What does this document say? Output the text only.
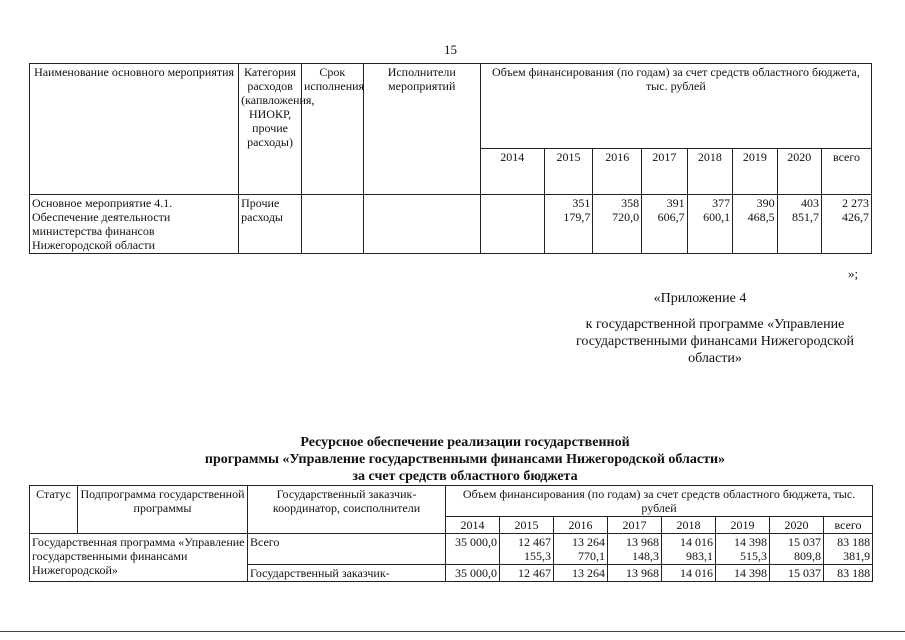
15
Наименование основного мероприятия	Категория расходов (капвложения, НИОКР, прочие расходы)	Срок исполнения	Исполнители мероприятий	Объем финансирования (по годам) за счет средств областного бюджета, тыс. рублей							
				2014	2015	2016	2017	2018	2019	2020	всего
Основное мероприятие 4.1. Обеспечение деятельности министерства финансов Нижегородской области	Прочие расходы				351 179,7	358 720,0	391 606,7	377 600,1	390 468,5	403 851,7	2 273 426,7
»;
«Приложение 4
к государственной программе «Управление государственными финансами Нижегородской области»
Ресурсное обеспечение реализации государственной
программы «Управление государственными финансами Нижегородской области»
за счет средств областного бюджета
Статус	Подпрограмма государственной программы	Государственный заказчик-координатор, соисполнители	Объем финансирования (по годам) за счет средств областного бюджета, тыс. рублей							
			2014	2015	2016	2017	2018	2019	2020	всего
Государственная программа «Управление государственными финансами Нижегородской»		Всего	35 000,0	12 467 155,3	13 264 770,1	13 968 148,3	14 016 983,1	14 398 515,3	15 037 809,8	83 188 381,9
		Государственный заказчик-	35 000,0	12 467	13 264	13 968	14 016	14 398	15 037	83 188
